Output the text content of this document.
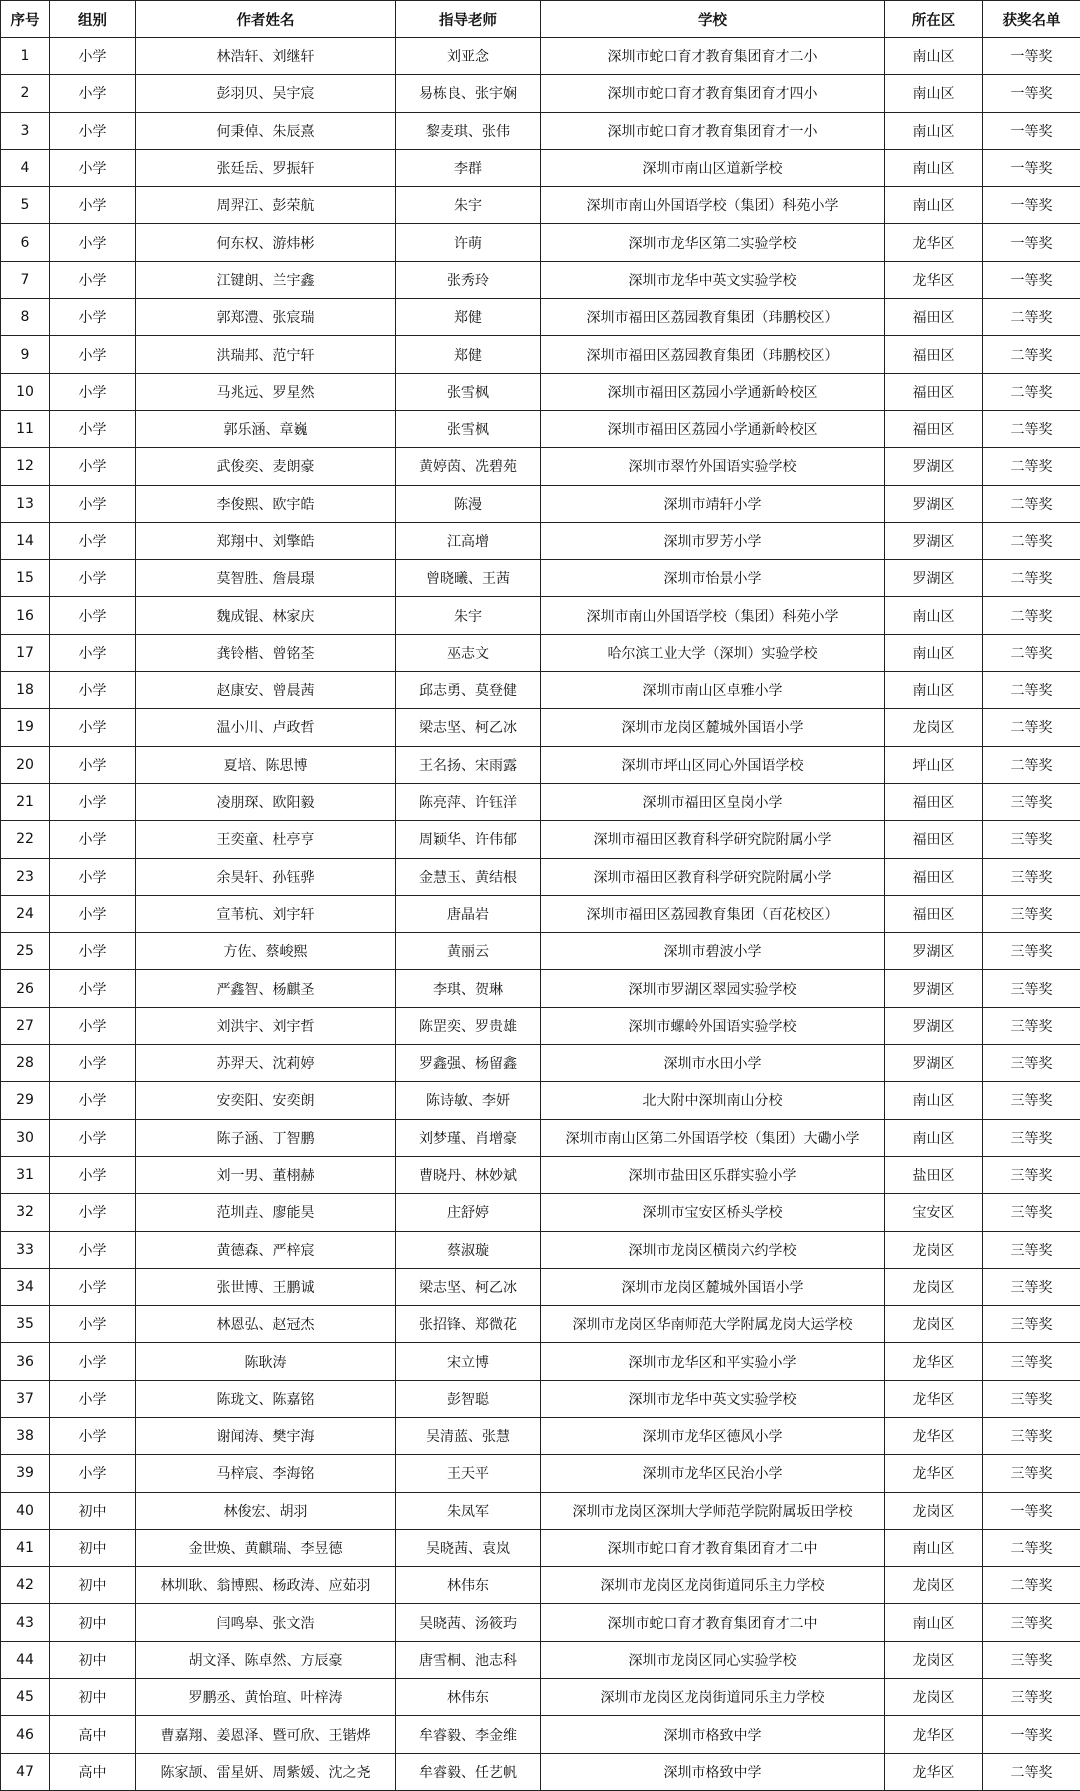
序号	组别	作者姓名	指导老师	学校	所在区	获奖名单
1	小学	林浩轩、刘继轩	刘亚念	深圳市蛇口育才教育集团育才二小	南山区	一等奖
2	小学	彭羽贝、吴宇宸	易栋良、张宇娴	深圳市蛇口育才教育集团育才四小	南山区	一等奖
3	小学	何秉倬、朱辰熹	黎麦琪、张伟	深圳市蛇口育才教育集团育才一小	南山区	一等奖
4	小学	张廷岳、罗振轩	李群	深圳市南山区道新学校	南山区	一等奖
5	小学	周羿江、彭荣航	朱宇	深圳市南山外国语学校（集团）科苑小学	南山区	一等奖
6	小学	何东权、游炜彬	许萌	深圳市龙华区第二实验学校	龙华区	一等奖
7	小学	江键朗、兰宇鑫	张秀玲	深圳市龙华中英文实验学校	龙华区	一等奖
8	小学	郭郑澧、张宸瑞	郑健	深圳市福田区荔园教育集团（玮鹏校区）	福田区	二等奖
9	小学	洪瑞邦、范宁轩	郑健	深圳市福田区荔园教育集团（玮鹏校区）	福田区	二等奖
10	小学	马兆远、罗星然	张雪枫	深圳市福田区荔园小学通新岭校区	福田区	二等奖
11	小学	郭乐涵、章巍	张雪枫	深圳市福田区荔园小学通新岭校区	福田区	二等奖
12	小学	武俊奕、麦朗豪	黄婷茵、冼碧苑	深圳市翠竹外国语实验学校	罗湖区	二等奖
13	小学	李俊熙、欧宇皓	陈漫	深圳市靖轩小学	罗湖区	二等奖
14	小学	郑翔中、刘擎皓	江高增	深圳市罗芳小学	罗湖区	二等奖
15	小学	莫智胜、詹晨璟	曾晓曦、王茜	深圳市怡景小学	罗湖区	二等奖
16	小学	魏成锟、林家庆	朱宇	深圳市南山外国语学校（集团）科苑小学	南山区	二等奖
17	小学	龚铃楷、曾铭荃	巫志文	哈尔滨工业大学（深圳）实验学校	南山区	二等奖
18	小学	赵康安、曾晨茜	邱志勇、莫登健	深圳市南山区卓雅小学	南山区	二等奖
19	小学	温小川、卢政哲	梁志坚、柯乙冰	深圳市龙岗区麓城外国语小学	龙岗区	二等奖
20	小学	夏培、陈思博	王名扬、宋雨露	深圳市坪山区同心外国语学校	坪山区	二等奖
21	小学	凌朋琛、欧阳毅	陈亮萍、许钰洋	深圳市福田区皇岗小学	福田区	三等奖
22	小学	王奕童、杜亭亨	周颖华、许伟郁	深圳市福田区教育科学研究院附属小学	福田区	三等奖
23	小学	余昊轩、孙钰骅	金慧玉、黄结根	深圳市福田区教育科学研究院附属小学	福田区	三等奖
24	小学	宣苇杭、刘宇轩	唐晶岩	深圳市福田区荔园教育集团（百花校区）	福田区	三等奖
25	小学	方佐、蔡峻熙	黄丽云	深圳市碧波小学	罗湖区	三等奖
26	小学	严鑫智、杨麒圣	李琪、贺琳	深圳市罗湖区翠园实验学校	罗湖区	三等奖
27	小学	刘洪宇、刘宇哲	陈罡奕、罗贵雄	深圳市螺岭外国语实验学校	罗湖区	三等奖
28	小学	苏羿天、沈莉婷	罗鑫强、杨留鑫	深圳市水田小学	罗湖区	三等奖
29	小学	安奕阳、安奕朗	陈诗敏、李妍	北大附中深圳南山分校	南山区	三等奖
30	小学	陈子涵、丁智鹏	刘梦瑾、肖增豪	深圳市南山区第二外国语学校（集团）大磡小学	南山区	三等奖
31	小学	刘一男、董栩赫	曹晓丹、林妙斌	深圳市盐田区乐群实验小学	盐田区	三等奖
32	小学	范圳垚、廖能昊	庄舒婷	深圳市宝安区桥头学校	宝安区	三等奖
33	小学	黄德森、严梓宸	蔡淑璇	深圳市龙岗区横岗六约学校	龙岗区	三等奖
34	小学	张世博、王鹏诚	梁志坚、柯乙冰	深圳市龙岗区麓城外国语小学	龙岗区	三等奖
35	小学	林恩弘、赵冠杰	张招锋、郑微花	深圳市龙岗区华南师范大学附属龙岗大运学校	龙岗区	三等奖
36	小学	陈耿涛	宋立博	深圳市龙华区和平实验小学	龙华区	三等奖
37	小学	陈珑文、陈嘉铭	彭智聪	深圳市龙华中英文实验学校	龙华区	三等奖
38	小学	谢闻涛、樊宇海	吴清蓝、张慧	深圳市龙华区德风小学	龙华区	三等奖
39	小学	马梓宸、李海铭	王天平	深圳市龙华区民治小学	龙华区	三等奖
40	初中	林俊宏、胡羽	朱凤军	深圳市龙岗区深圳大学师范学院附属坂田学校	龙岗区	一等奖
41	初中	金世焕、黄麒瑞、李昱德	吴晓茜、袁岚	深圳市蛇口育才教育集团育才二中	南山区	二等奖
42	初中	林圳耿、翁博熙、杨政涛、应茹羽	林伟东	深圳市龙岗区龙岗街道同乐主力学校	龙岗区	二等奖
43	初中	闫鸣皋、张文浩	吴晓茜、汤筱玙	深圳市蛇口育才教育集团育才二中	南山区	三等奖
44	初中	胡文泽、陈卓然、方辰豪	唐雪桐、池志科	深圳市龙岗区同心实验学校	龙岗区	三等奖
45	初中	罗鹏丞、黄怡瑄、叶梓涛	林伟东	深圳市龙岗区龙岗街道同乐主力学校	龙岗区	三等奖
46	高中	曹嘉翔、姜恩泽、暨可欣、王锴烨	牟睿毅、李金维	深圳市格致中学	龙华区	一等奖
47	高中	陈家颉、雷星妍、周紫媛、沈之尧	牟睿毅、任艺帆	深圳市格致中学	龙华区	二等奖
